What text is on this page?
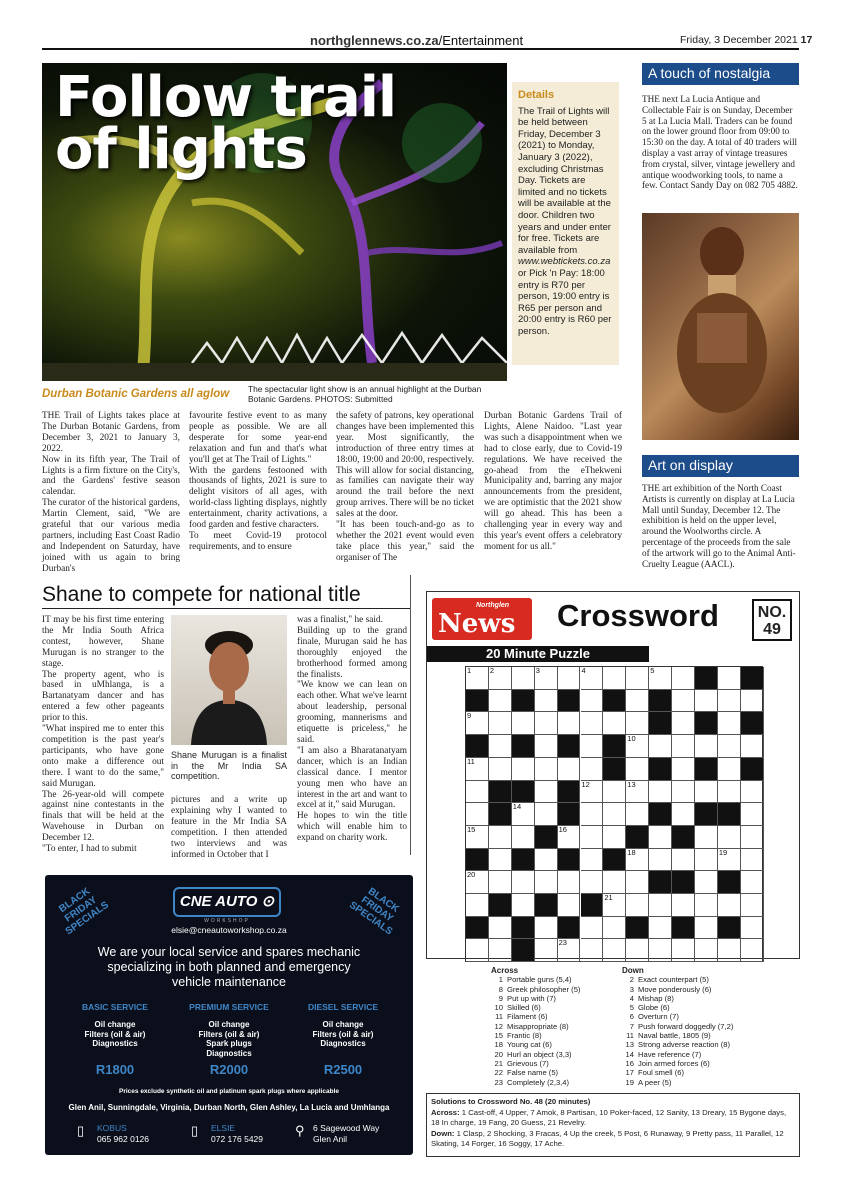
northglennews.co.za/Entertainment	Friday, 3 December 2021 17
Follow trail
of lights
Details
The Trail of Lights will be held between Friday, December 3 (2021) to Monday, January 3 (2022), excluding Christmas Day. Tickets are limited and no tickets will be available at the door. Children two years and under enter for free. Tickets are available from www.webtickets.co.za or Pick 'n Pay: 18:00 entry is R70 per person, 19:00 entry is R65 per person and 20:00 entry is R60 per person.
Durban Botanic Gardens all aglow The spectacular light show is an annual highlight at the Durban Botanic Gardens. PHOTOS: Submitted
THE Trail of Lights takes place at The Durban Botanic Gardens, from December 3, 2021 to January 3, 2022.
Now in its fifth year, The Trail of Lights is a firm fixture on the City's, and the Gardens' festive season calendar.
The curator of the historical gardens, Martin Clement, said, "We are grateful that our various media partners, including East Coast Radio and Independent on Saturday, have joined with us again to bring Durban's
favourite festive event to as many people as possible. We are all desperate for some year-end relaxation and fun and that's what you'll get at The Trail of Lights."
With the gardens festooned with thousands of lights, 2021 is sure to delight visitors of all ages, with world-class lighting displays, nightly entertainment, charity activations, a food garden and festive characters.
To meet Covid-19 protocol requirements, and to ensure
the safety of patrons, key operational changes have been implemented this year. Most significantly, the introduction of three entry times at 18:00, 19:00 and 20:00, respectively. This will allow for social distancing, as families can navigate their way around the trail before the next group arrives. There will be no ticket sales at the door.
"It has been touch-and-go as to whether the 2021 event would even take place this year," said the organiser of The
Durban Botanic Gardens Trail of Lights, Alene Naidoo. "Last year was such a disappointment when we had to close early, due to Covid-19 regulations. We have received the go-ahead from the eThekweni Municipality and, barring any major announcements from the president, we are optimistic that the 2021 show will go ahead. This has been a challenging year in every way and this year's event offers a celebratory moment for us all."
A touch of nostalgia
THE next La Lucia Antique and Collectable Fair is on Sunday, December 5 at La Lucia Mall. Traders can be found on the lower ground floor from 09:00 to 15:30 on the day. A total of 40 traders will display a vast array of vintage treasures from crystal, silver, vintage jewellery and antique woodworking tools, to name a few. Contact Sandy Day on 082 705 4882.
Art on display
THE art exhibition of the North Coast Artists is currently on display at La Lucia Mall until Sunday, December 12. The exhibition is held on the upper level, around the Woolworths circle. A percentage of the proceeds from the sale of the artwork will go to the Animal Anti-Cruelty League (AACL).
Shane to compete for national title
IT may be his first time entering the Mr India South Africa contest, however, Shane Murugan is no stranger to the stage.
The property agent, who is based in uMhlanga, is a Bartanatyam dancer and has entered a few other pageants prior to this.
"What inspired me to enter this competition is the past year's participants, who have gone onto make a difference out there. I want to do the same," said Murugan.
The 26-year-old will compete against nine contestants in the finals that will be held at the Wavehouse in Durban on December 12.
"To enter, I had to submit
Shane Murugan is a finalist in the Mr India SA competition.
pictures and a write up explaining why I wanted to feature in the Mr India SA competition. I then attended two interviews and was informed in October that I
was a finalist," he said.
Building up to the grand finale, Murugan said he has thoroughly enjoyed the brotherhood formed among the finalists.
"We know we can lean on each other. What we've learnt about leadership, personal grooming, mannerisms and etiquette is priceless," he said.
"I am also a Bharatanatyam dancer, which is an Indian classical dance. I mentor young men who have an interest in the art and want to excel at it," said Murugan.
He hopes to win the title which will enable him to expand on charity work.
BLACK FRIDAY SPECIALS	BLACK FRIDAY SPECIALS
CNE AUTO ⊙
WORKSHOP
elsie@cneautoworkshop.co.za
We are your local service and spares mechanic
specializing in both planned and emergency
vehicle maintenance
BASIC SERVICE
Oil change
Filters (oil & air)
Diagnostics
PREMIUM SERVICE
Oil change
Filters (oil & air)
Spark plugs
Diagnostics
DIESEL SERVICE
Oil change
Filters (oil & air)
Diagnostics
R1800	R2000	R2500
Prices exclude synthetic oil and platinum spark plugs where applicable
Glen Anil, Sunningdale, Virginia, Durban North, Glen Ashley, La Lucia and Umhlanga
▯ KOBUS
065 962 0126
▯ ELSIE
072 176 5429
⚲ 6 Sagewood Way
Glen Anil
Northglen
News Crossword NO.
49
20 Minute Puzzle
1 2	3	4	5
9
10
11
12	13
14
15	16
18	19
20
21
23
Across
1 Portable guns (5,4)
8 Greek philosopher (5)
9 Put up with (7)
10 Skilled (6)
11 Filament (6)
12 Misappropriate (8)
15 Frantic (8)
18 Young cat (6)
20 Hurl an object (3,3)
21 Grievous (7)
22 False name (5)
23 Completely (2,3,4)
Down
2 Exact counterpart (5)
3 Move ponderously (6)
4 Mishap (8)
5 Globe (6)
6 Overturn (7)
7 Push forward doggedly (7,2)
11 Naval battle, 1805 (9)
13 Strong adverse reaction (8)
14 Have reference (7)
16 Join armed forces (6)
17 Foul smell (6)
19 A peer (5)
Solutions to Crossword No. 48 (20 minutes)
Across: 1 Cast-off, 4 Upper, 7 Amok, 8 Partisan, 10 Poker-faced, 12 Sanity, 13 Dreary, 15 Bygone days, 18 In charge, 19 Fang, 20 Guess, 21 Revelry.
Down: 1 Clasp, 2 Shocking, 3 Fracas, 4 Up the creek, 5 Post, 6 Runaway, 9 Pretty pass, 11 Parallel, 12 Skating, 14 Forger, 16 Soggy, 17 Ache.
